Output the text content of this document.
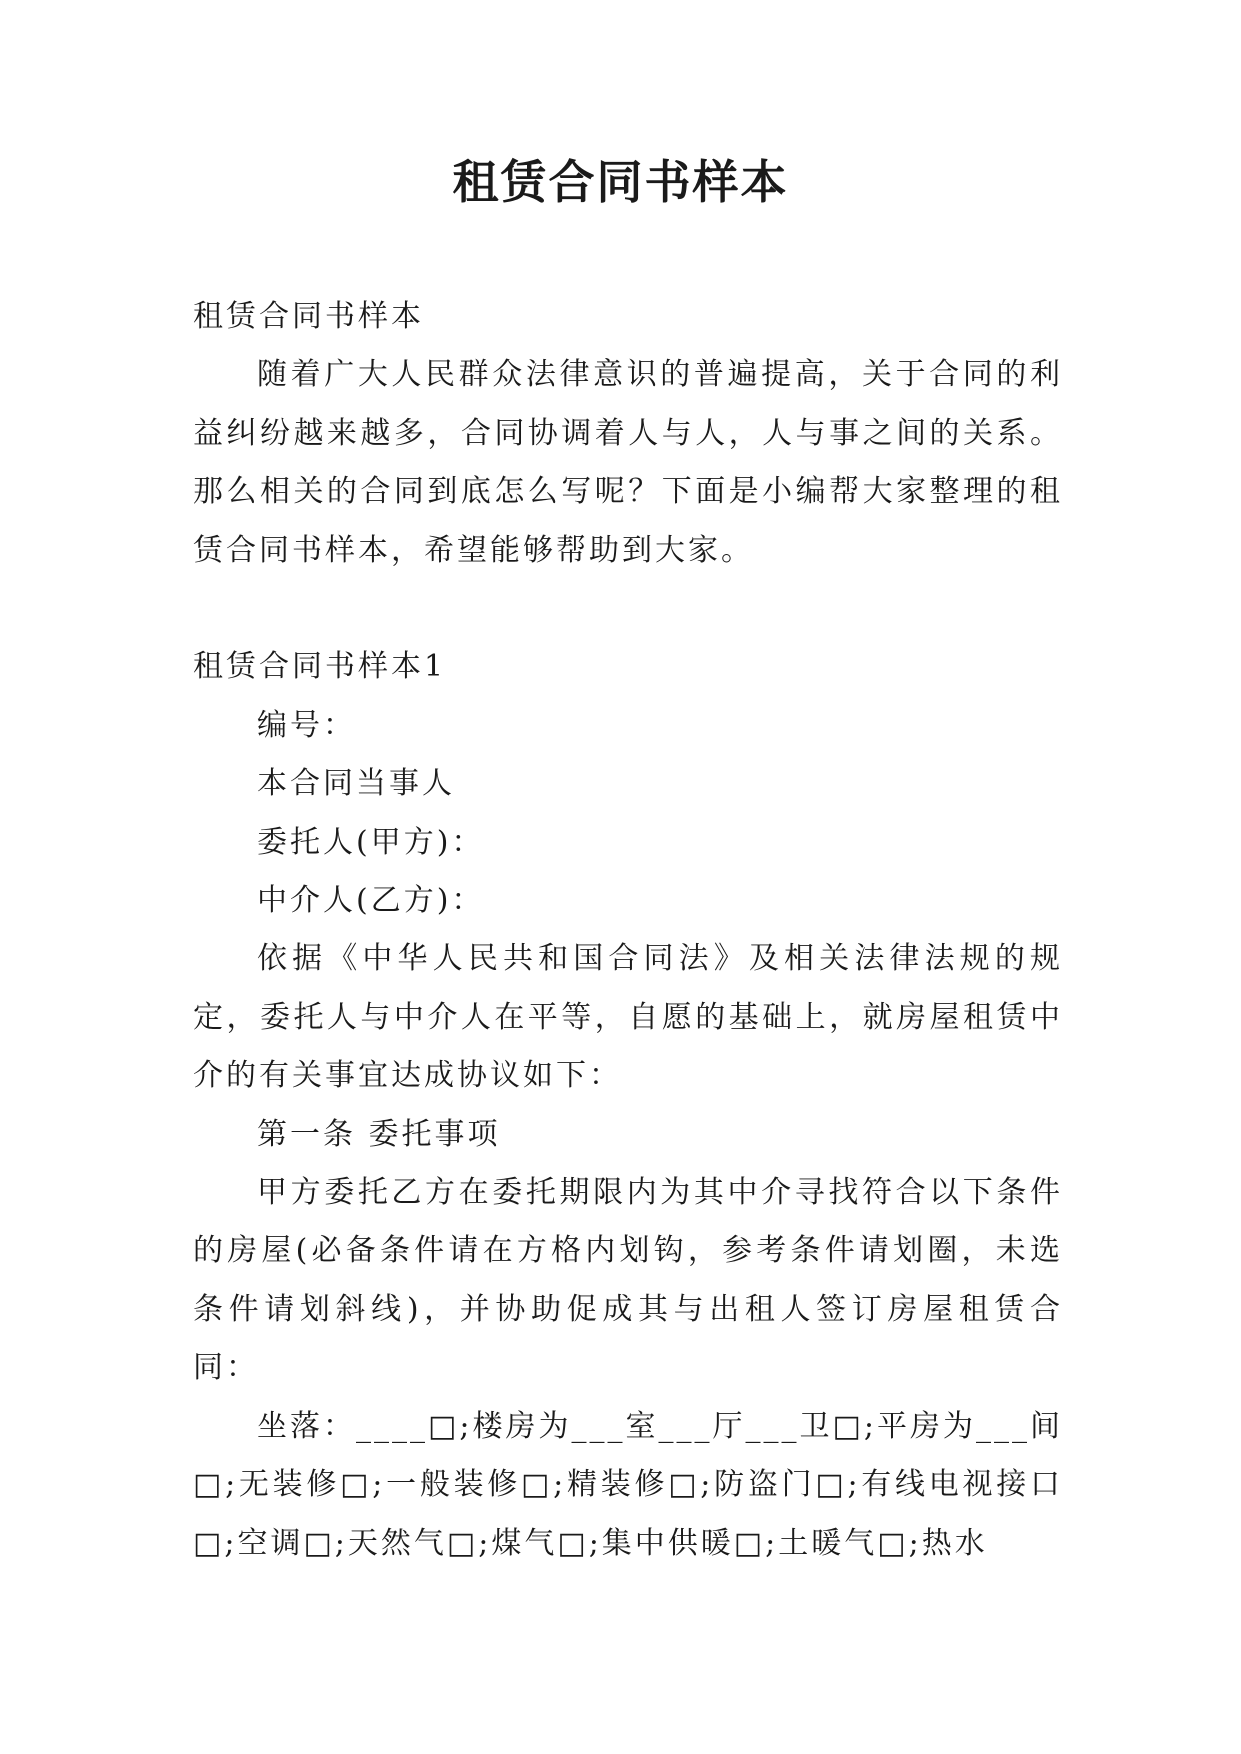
租赁合同书样本

租赁合同书样本

随着广大人民群众法律意识的普遍提高，关于合同的利益纠纷越来越多，合同协调着人与人，人与事之间的关系。那么相关的合同到底怎么写呢？下面是小编帮大家整理的租赁合同书样本，希望能够帮助到大家。

租赁合同书样本1

编号：

本合同当事人

委托人(甲方)：

中介人(乙方)：

依据《中华人民共和国合同法》及相关法律法规的规定，委托人与中介人在平等，自愿的基础上，就房屋租赁中介的有关事宜达成协议如下：

第一条 委托事项

甲方委托乙方在委托期限内为其中介寻找符合以下条件的房屋(必备条件请在方格内划钩，参考条件请划圈，未选条件请划斜线)，并协助促成其与出租人签订房屋租赁合同：

坐落：____□;楼房为___室___厅___卫□;平房为___间□;无装修□;一般装修□;精装修□;防盗门□;有线电视接口□;空调□;天然气□;煤气□;集中供暖□;土暖气□;热水
